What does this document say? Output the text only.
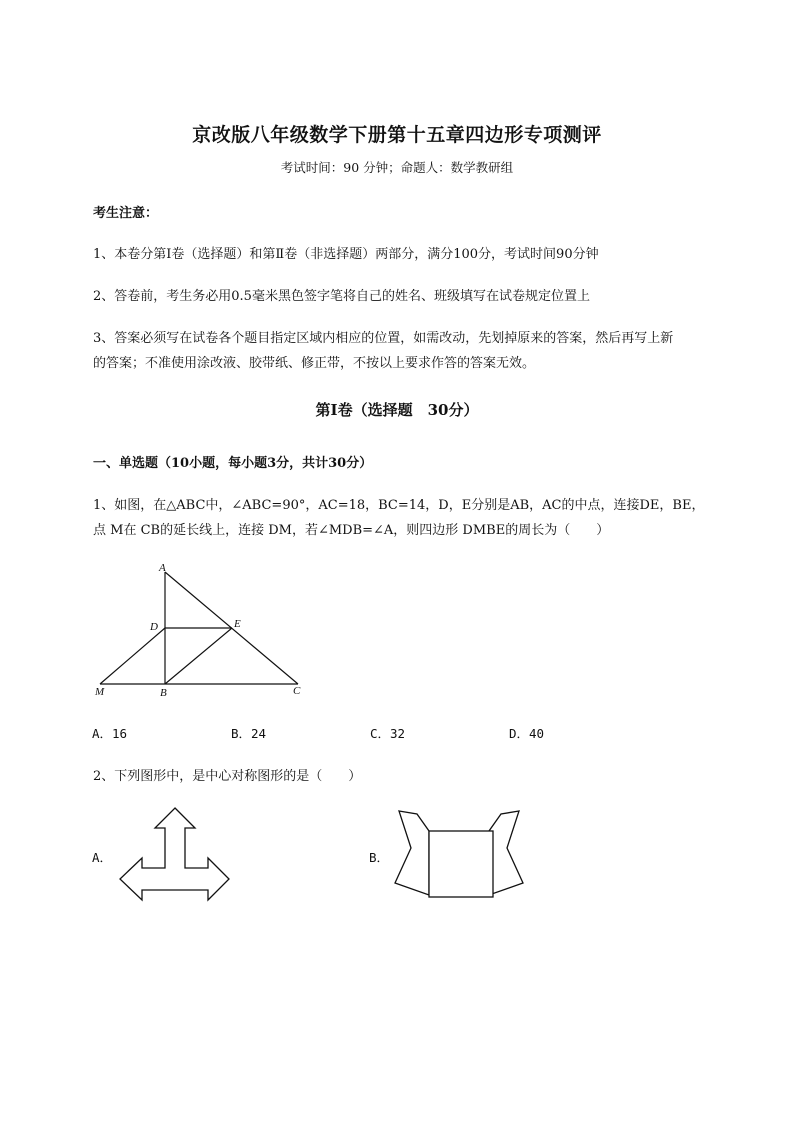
京改版八年级数学下册第十五章四边形专项测评
考试时间：90 分钟；命题人：数学教研组
考生注意：
1、本卷分第Ⅰ卷（选择题）和第Ⅱ卷（非选择题）两部分，满分100分，考试时间90分钟
2、答卷前，考生务必用0.5毫米黑色签字笔将自己的姓名、班级填写在试卷规定位置上
3、答案必须写在试卷各个题目指定区域内相应的位置，如需改动，先划掉原来的答案，然后再写上新
的答案；不准使用涂改液、胶带纸、修正带，不按以上要求作答的答案无效。
第Ⅰ卷（选择题　30分）
一、单选题（10小题，每小题3分，共计30分）
1、如图，在△ABC中，∠ABC=90°，AC=18，BC=14，D，E分别是AB，AC的中点，连接DE，BE，
点 M在 CB的延长线上，连接 DM，若∠MDB=∠A，则四边形 DMBE的周长为（　　）
A
D	E
M	B	C
A．16	B．24	C．32	D．40
2、下列图形中，是中心对称图形的是（　　）
A．	B．
